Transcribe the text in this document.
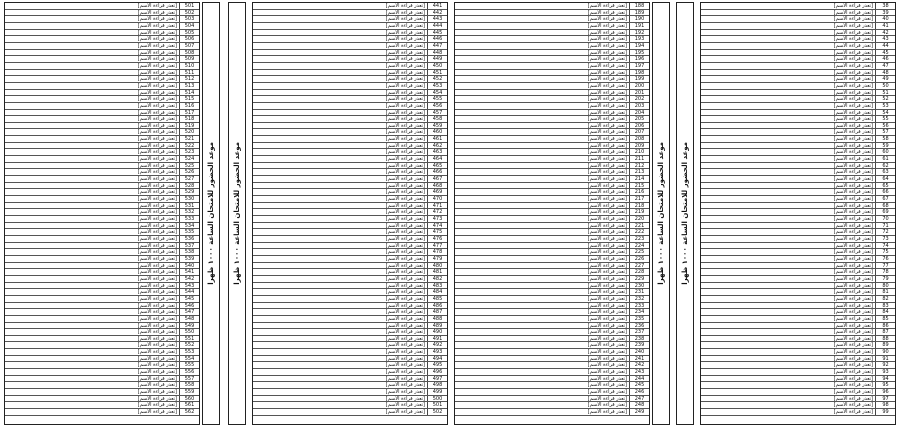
501
[تعذر قراءة الاسم]
502
[تعذر قراءة الاسم]
503
[تعذر قراءة الاسم]
504
[تعذر قراءة الاسم]
505
[تعذر قراءة الاسم]
506
[تعذر قراءة الاسم]
507
[تعذر قراءة الاسم]
508
[تعذر قراءة الاسم]
509
[تعذر قراءة الاسم]
510
[تعذر قراءة الاسم]
511
[تعذر قراءة الاسم]
512
[تعذر قراءة الاسم]
513
[تعذر قراءة الاسم]
514
[تعذر قراءة الاسم]
515
[تعذر قراءة الاسم]
516
[تعذر قراءة الاسم]
517
[تعذر قراءة الاسم]
518
[تعذر قراءة الاسم]
519
[تعذر قراءة الاسم]
520
[تعذر قراءة الاسم]
521
[تعذر قراءة الاسم]
522
[تعذر قراءة الاسم]
523
[تعذر قراءة الاسم]
524
[تعذر قراءة الاسم]
525
[تعذر قراءة الاسم]
526
[تعذر قراءة الاسم]
527
[تعذر قراءة الاسم]
528
[تعذر قراءة الاسم]
529
[تعذر قراءة الاسم]
530
[تعذر قراءة الاسم]
531
[تعذر قراءة الاسم]
532
[تعذر قراءة الاسم]
533
[تعذر قراءة الاسم]
534
[تعذر قراءة الاسم]
535
[تعذر قراءة الاسم]
536
[تعذر قراءة الاسم]
537
[تعذر قراءة الاسم]
538
[تعذر قراءة الاسم]
539
[تعذر قراءة الاسم]
540
[تعذر قراءة الاسم]
541
[تعذر قراءة الاسم]
542
[تعذر قراءة الاسم]
543
[تعذر قراءة الاسم]
544
[تعذر قراءة الاسم]
545
[تعذر قراءة الاسم]
546
[تعذر قراءة الاسم]
547
[تعذر قراءة الاسم]
548
[تعذر قراءة الاسم]
549
[تعذر قراءة الاسم]
550
[تعذر قراءة الاسم]
551
[تعذر قراءة الاسم]
552
[تعذر قراءة الاسم]
553
[تعذر قراءة الاسم]
554
[تعذر قراءة الاسم]
555
[تعذر قراءة الاسم]
556
[تعذر قراءة الاسم]
557
[تعذر قراءة الاسم]
558
[تعذر قراءة الاسم]
559
[تعذر قراءة الاسم]
560
[تعذر قراءة الاسم]
561
[تعذر قراءة الاسم]
562
[تعذر قراءة الاسم]
موعد الحضور للامتحان الساعة ١٠٠٠ ظهرا
موعد الحضور للامتحان الساعة ١٠٠٠ ظهرا
441
[تعذر قراءة الاسم]
442
[تعذر قراءة الاسم]
443
[تعذر قراءة الاسم]
444
[تعذر قراءة الاسم]
445
[تعذر قراءة الاسم]
446
[تعذر قراءة الاسم]
447
[تعذر قراءة الاسم]
448
[تعذر قراءة الاسم]
449
[تعذر قراءة الاسم]
450
[تعذر قراءة الاسم]
451
[تعذر قراءة الاسم]
452
[تعذر قراءة الاسم]
453
[تعذر قراءة الاسم]
454
[تعذر قراءة الاسم]
455
[تعذر قراءة الاسم]
456
[تعذر قراءة الاسم]
457
[تعذر قراءة الاسم]
458
[تعذر قراءة الاسم]
459
[تعذر قراءة الاسم]
460
[تعذر قراءة الاسم]
461
[تعذر قراءة الاسم]
462
[تعذر قراءة الاسم]
463
[تعذر قراءة الاسم]
464
[تعذر قراءة الاسم]
465
[تعذر قراءة الاسم]
466
[تعذر قراءة الاسم]
467
[تعذر قراءة الاسم]
468
[تعذر قراءة الاسم]
469
[تعذر قراءة الاسم]
470
[تعذر قراءة الاسم]
471
[تعذر قراءة الاسم]
472
[تعذر قراءة الاسم]
473
[تعذر قراءة الاسم]
474
[تعذر قراءة الاسم]
475
[تعذر قراءة الاسم]
476
[تعذر قراءة الاسم]
477
[تعذر قراءة الاسم]
478
[تعذر قراءة الاسم]
479
[تعذر قراءة الاسم]
480
[تعذر قراءة الاسم]
481
[تعذر قراءة الاسم]
482
[تعذر قراءة الاسم]
483
[تعذر قراءة الاسم]
484
[تعذر قراءة الاسم]
485
[تعذر قراءة الاسم]
486
[تعذر قراءة الاسم]
487
[تعذر قراءة الاسم]
488
[تعذر قراءة الاسم]
489
[تعذر قراءة الاسم]
490
[تعذر قراءة الاسم]
491
[تعذر قراءة الاسم]
492
[تعذر قراءة الاسم]
493
[تعذر قراءة الاسم]
494
[تعذر قراءة الاسم]
495
[تعذر قراءة الاسم]
496
[تعذر قراءة الاسم]
497
[تعذر قراءة الاسم]
498
[تعذر قراءة الاسم]
499
[تعذر قراءة الاسم]
500
[تعذر قراءة الاسم]
501
[تعذر قراءة الاسم]
502
[تعذر قراءة الاسم]
188
[تعذر قراءة الاسم]
189
[تعذر قراءة الاسم]
190
[تعذر قراءة الاسم]
191
[تعذر قراءة الاسم]
192
[تعذر قراءة الاسم]
193
[تعذر قراءة الاسم]
194
[تعذر قراءة الاسم]
195
[تعذر قراءة الاسم]
196
[تعذر قراءة الاسم]
197
[تعذر قراءة الاسم]
198
[تعذر قراءة الاسم]
199
[تعذر قراءة الاسم]
200
[تعذر قراءة الاسم]
201
[تعذر قراءة الاسم]
202
[تعذر قراءة الاسم]
203
[تعذر قراءة الاسم]
204
[تعذر قراءة الاسم]
205
[تعذر قراءة الاسم]
206
[تعذر قراءة الاسم]
207
[تعذر قراءة الاسم]
208
[تعذر قراءة الاسم]
209
[تعذر قراءة الاسم]
210
[تعذر قراءة الاسم]
211
[تعذر قراءة الاسم]
212
[تعذر قراءة الاسم]
213
[تعذر قراءة الاسم]
214
[تعذر قراءة الاسم]
215
[تعذر قراءة الاسم]
216
[تعذر قراءة الاسم]
217
[تعذر قراءة الاسم]
218
[تعذر قراءة الاسم]
219
[تعذر قراءة الاسم]
220
[تعذر قراءة الاسم]
221
[تعذر قراءة الاسم]
222
[تعذر قراءة الاسم]
223
[تعذر قراءة الاسم]
224
[تعذر قراءة الاسم]
225
[تعذر قراءة الاسم]
226
[تعذر قراءة الاسم]
227
[تعذر قراءة الاسم]
228
[تعذر قراءة الاسم]
229
[تعذر قراءة الاسم]
230
[تعذر قراءة الاسم]
231
[تعذر قراءة الاسم]
232
[تعذر قراءة الاسم]
233
[تعذر قراءة الاسم]
234
[تعذر قراءة الاسم]
235
[تعذر قراءة الاسم]
236
[تعذر قراءة الاسم]
237
[تعذر قراءة الاسم]
238
[تعذر قراءة الاسم]
239
[تعذر قراءة الاسم]
240
[تعذر قراءة الاسم]
241
[تعذر قراءة الاسم]
242
[تعذر قراءة الاسم]
243
[تعذر قراءة الاسم]
244
[تعذر قراءة الاسم]
245
[تعذر قراءة الاسم]
246
[تعذر قراءة الاسم]
247
[تعذر قراءة الاسم]
248
[تعذر قراءة الاسم]
249
[تعذر قراءة الاسم]
موعد الحضور للامتحان الساعة ١٠٠٠ ظهرا
موعد الحضور للامتحان الساعة ١٠٠٠ ظهرا
38
[تعذر قراءة الاسم]
39
[تعذر قراءة الاسم]
40
[تعذر قراءة الاسم]
41
[تعذر قراءة الاسم]
42
[تعذر قراءة الاسم]
43
[تعذر قراءة الاسم]
44
[تعذر قراءة الاسم]
45
[تعذر قراءة الاسم]
46
[تعذر قراءة الاسم]
47
[تعذر قراءة الاسم]
48
[تعذر قراءة الاسم]
49
[تعذر قراءة الاسم]
50
[تعذر قراءة الاسم]
51
[تعذر قراءة الاسم]
52
[تعذر قراءة الاسم]
53
[تعذر قراءة الاسم]
54
[تعذر قراءة الاسم]
55
[تعذر قراءة الاسم]
56
[تعذر قراءة الاسم]
57
[تعذر قراءة الاسم]
58
[تعذر قراءة الاسم]
59
[تعذر قراءة الاسم]
60
[تعذر قراءة الاسم]
61
[تعذر قراءة الاسم]
62
[تعذر قراءة الاسم]
63
[تعذر قراءة الاسم]
64
[تعذر قراءة الاسم]
65
[تعذر قراءة الاسم]
66
[تعذر قراءة الاسم]
67
[تعذر قراءة الاسم]
68
[تعذر قراءة الاسم]
69
[تعذر قراءة الاسم]
70
[تعذر قراءة الاسم]
71
[تعذر قراءة الاسم]
72
[تعذر قراءة الاسم]
73
[تعذر قراءة الاسم]
74
[تعذر قراءة الاسم]
75
[تعذر قراءة الاسم]
76
[تعذر قراءة الاسم]
77
[تعذر قراءة الاسم]
78
[تعذر قراءة الاسم]
79
[تعذر قراءة الاسم]
80
[تعذر قراءة الاسم]
81
[تعذر قراءة الاسم]
82
[تعذر قراءة الاسم]
83
[تعذر قراءة الاسم]
84
[تعذر قراءة الاسم]
85
[تعذر قراءة الاسم]
86
[تعذر قراءة الاسم]
87
[تعذر قراءة الاسم]
88
[تعذر قراءة الاسم]
89
[تعذر قراءة الاسم]
90
[تعذر قراءة الاسم]
91
[تعذر قراءة الاسم]
92
[تعذر قراءة الاسم]
93
[تعذر قراءة الاسم]
94
[تعذر قراءة الاسم]
95
[تعذر قراءة الاسم]
96
[تعذر قراءة الاسم]
97
[تعذر قراءة الاسم]
98
[تعذر قراءة الاسم]
99
[تعذر قراءة الاسم]
